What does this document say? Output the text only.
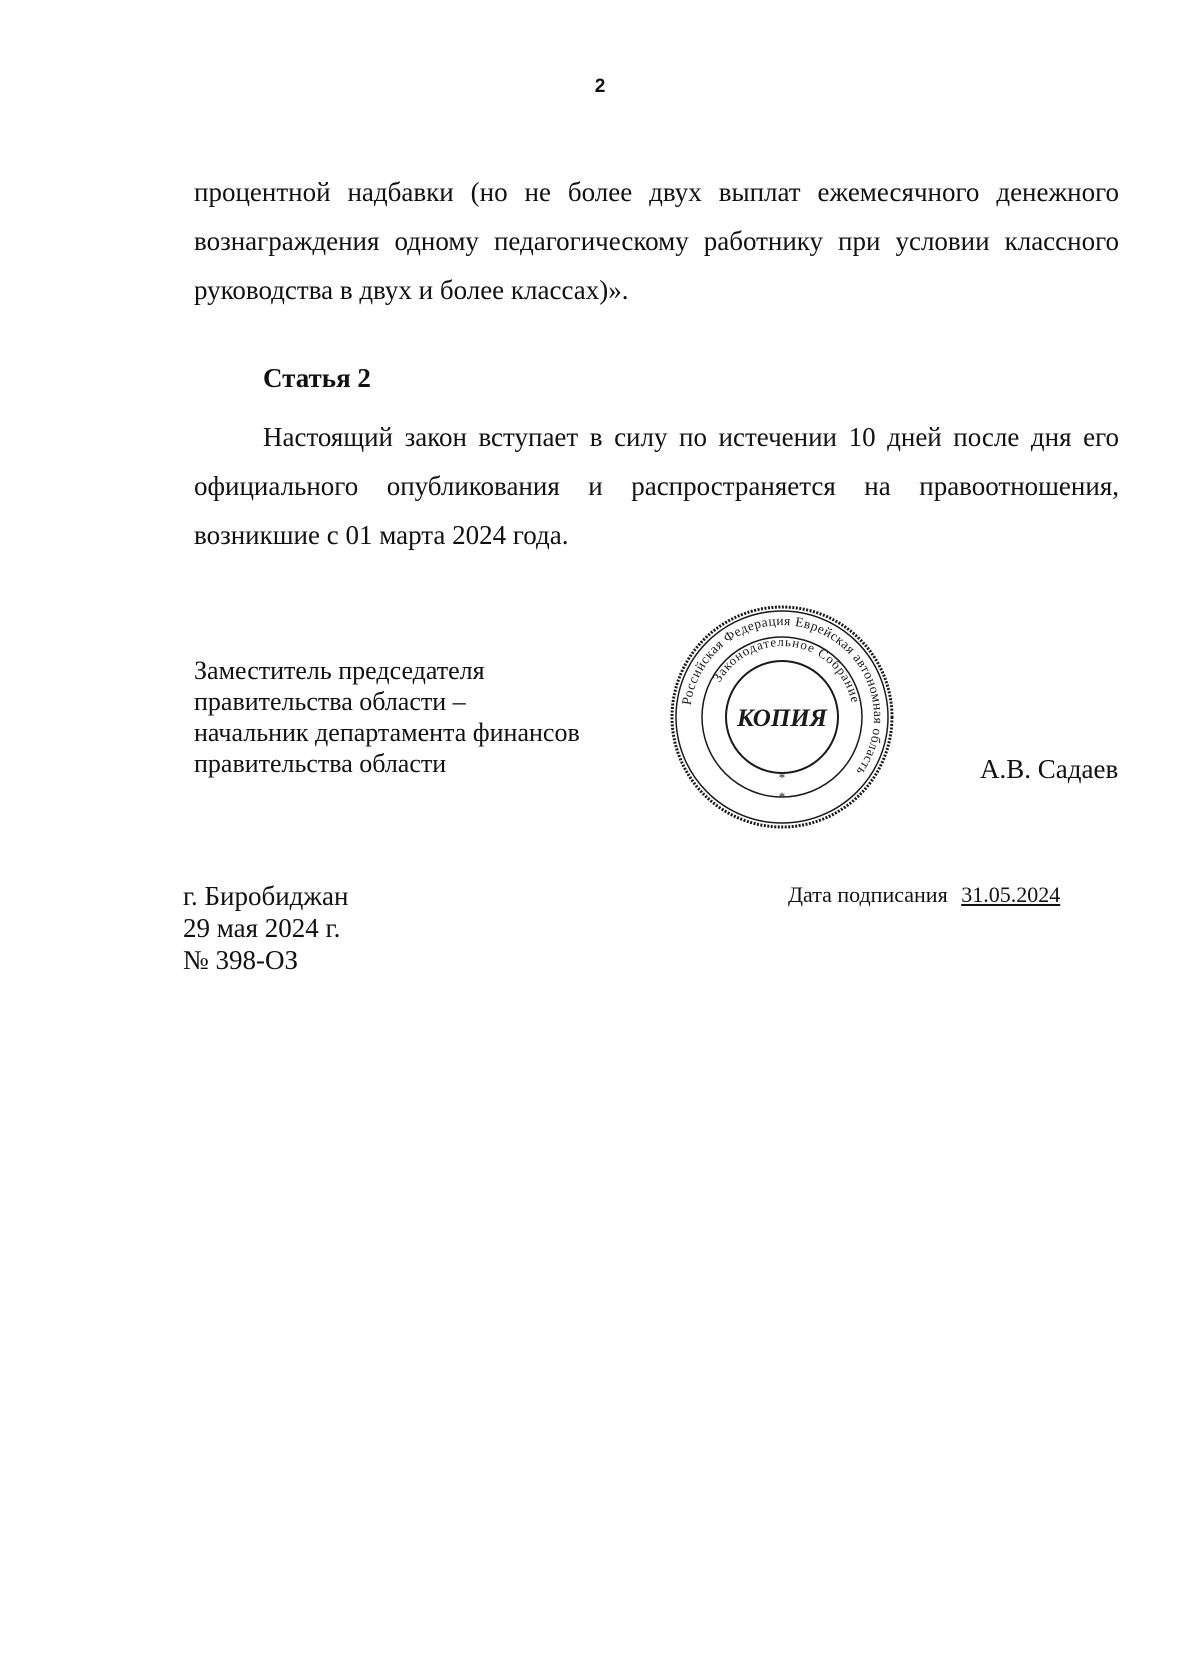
2
процентной надбавки (но не более двух выплат ежемесячного денежного вознаграждения одному педагогическому работнику при условии классного руководства в двух и более классах)».
Статья 2
Настоящий закон вступает в силу по истечении 10 дней после дня его официального опубликования и распространяется на правоотношения, возникшие с 01 марта 2024 года.
Заместитель председателя
правительства области –
начальник департамента финансов
правительства области
Российская Федерация Еврейская автономная область
Законодательное Собрание
КОПИЯ
*
*
А.В. Садаев
г. Биробиджан
29 мая 2024 г.
№ 398-ОЗ
Дата подписания 31.05.2024
